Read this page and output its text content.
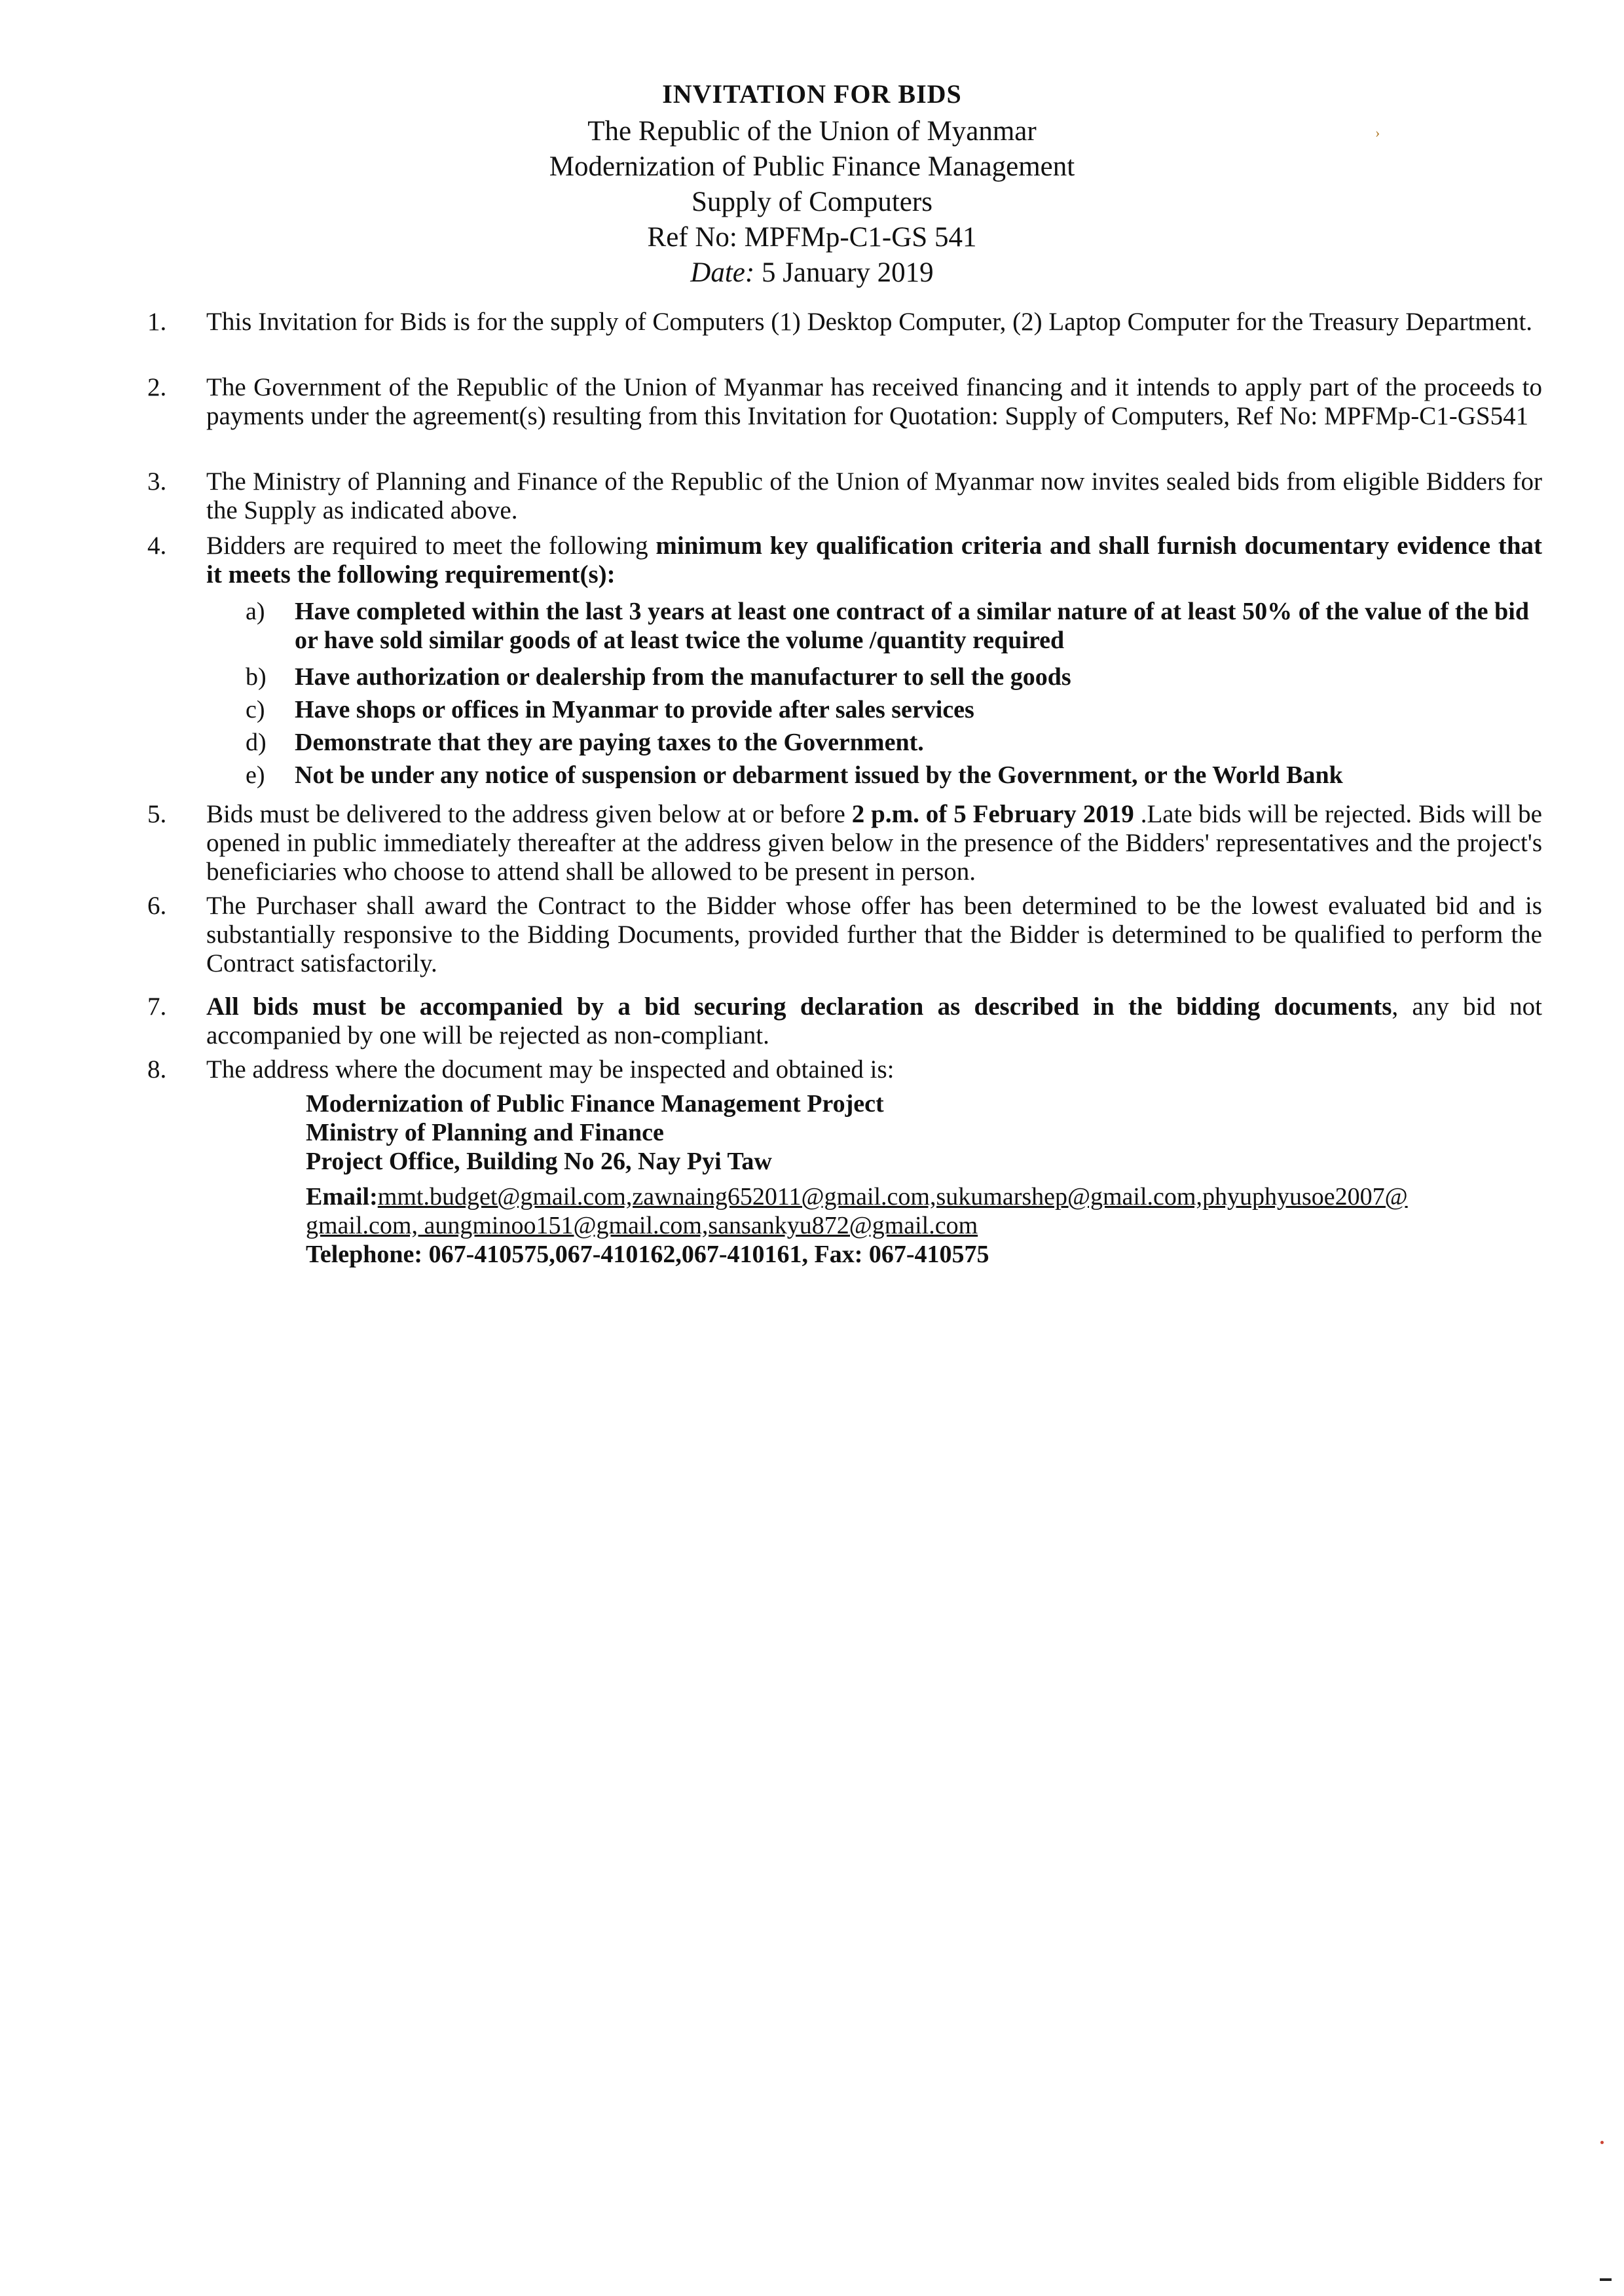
INVITATION FOR BIDS
The Republic of the Union of Myanmar
Modernization of Public Finance Management
Supply of Computers
Ref No: MPFMp-C1-GS 541
Date: 5 January 2019
›
1.	This Invitation for Bids is for the supply of Computers (1) Desktop Computer, (2) Laptop Computer for the Treasury Department.
2.	The Government of the Republic of the Union of Myanmar has received financing and it intends to apply part of the proceeds to payments under the agreement(s) resulting from this Invitation for Quotation: Supply of Computers, Ref No: MPFMp-C1-GS541
3.	The Ministry of Planning and Finance of the Republic of the Union of Myanmar now invites sealed bids from eligible Bidders for the Supply as indicated above.
4.	Bidders are required to meet the following minimum key qualification criteria and shall furnish documentary evidence that it meets the following requirement(s):
a)	Have completed within the last 3 years at least one contract of a similar nature of at least 50% of the value of the bid or have sold similar goods of at least twice the volume /quantity required
b)	Have authorization or dealership from the manufacturer to sell the goods
c)	Have shops or offices in Myanmar to provide after sales services
d)	Demonstrate that they are paying taxes to the Government.
e)	Not be under any notice of suspension or debarment issued by the Government, or the World Bank
5.	Bids must be delivered to the address given below at or before 2 p.m. of 5 February 2019 .Late bids will be rejected. Bids will be opened in public immediately thereafter at the address given below in the presence of the Bidders' representatives and the project's beneficiaries who choose to attend shall be allowed to be present in person.
6.	The Purchaser shall award the Contract to the Bidder whose offer has been determined to be the lowest evaluated bid and is substantially responsive to the Bidding Documents, provided further that the Bidder is determined to be qualified to perform the Contract satisfactorily.
7.	All bids must be accompanied by a bid securing declaration as described in the bidding documents, any bid not accompanied by one will be rejected as non-compliant.
8.	The address where the document may be inspected and obtained is:
Modernization of Public Finance Management Project
Ministry of Planning and Finance
Project Office, Building No 26, Nay Pyi Taw
Email:mmt.budget@gmail.com,zawnaing652011@gmail.com,sukumarshep@gmail.com,phyuphyusoe2007@
gmail.com, aungminoo151@gmail.com,sansankyu872@gmail.com
Telephone: 067-410575,067-410162,067-410161, Fax: 067-410575
